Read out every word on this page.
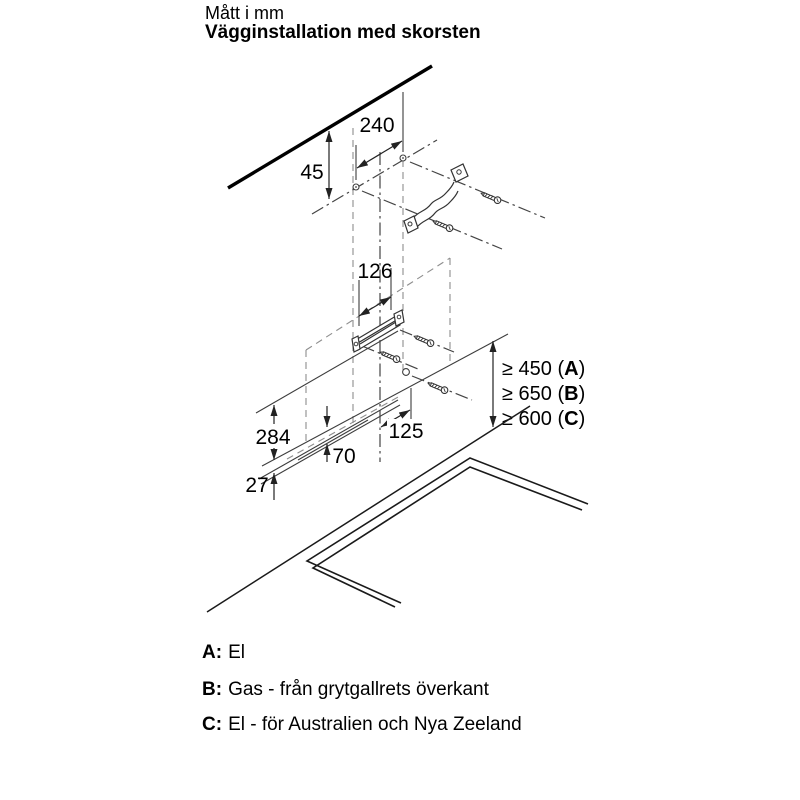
Mått i mm
Vägginstallation med skorsten
240
45
126
284
27
70
125
≥ 450 (A)
≥ 650 (B)
≥ 600 (C)
A: El
B: Gas - från grytgallrets överkant
C: El - för Australien och Nya Zeeland
